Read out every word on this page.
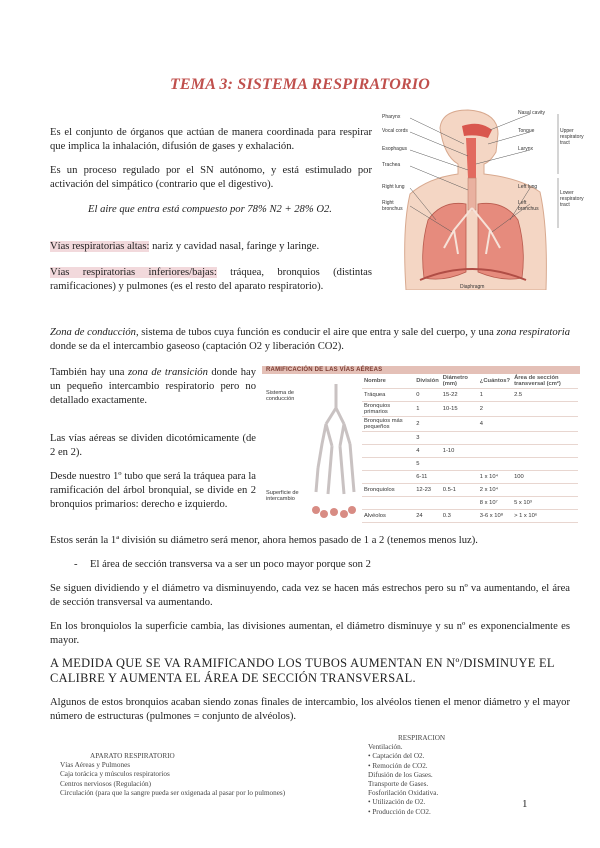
TEMA 3: SISTEMA RESPIRATORIO
Es el conjunto de órganos que actúan de manera coordinada para respirar que implica la inhalación, difusión de gases y exhalación.
Es un proceso regulado por el SN autónomo, y está estimulado por activación del simpático (contrario que el digestivo).
El aire que entra está compuesto por 78% N2 + 28% O2.
Vías respiratorias altas: nariz y cavidad nasal, faringe y laringe.
Vías respiratorias inferiores/bajas: tráquea, bronquios (distintas ramificaciones) y pulmones (es el resto del aparato respiratorio).
Pharynx
Vocal cords
Esophagus
Trachea
Right lung
Right
bronchus
Nasal cavity
Tongue
Larynx
Left lung
Left
bronchus
Upper
respiratory
tract
Lower
respiratory
tract
Diaphragm
Zona de conducción, sistema de tubos cuya función es conducir el aire que entra y sale del cuerpo, y una zona respiratoria donde se da el intercambio gaseoso (captación O2 y liberación CO2).
También hay una zona de transición donde hay un pequeño intercambio respiratorio pero no detallado exactamente.
Las vías aéreas se dividen dicotómicamente (de 2 en 2).
Desde nuestro 1º tubo que será la tráquea para la ramificación del árbol bronquial, se divide en 2 bronquios primarios: derecho e izquierdo.
RAMIFICACIÓN DE LAS VÍAS AÉREAS
Sistema de conducción
Superficie de intercambio
Nombre	División	Diámetro (mm)	¿Cuántos?	Área de sección transversal (cm²)
Tráquea	0	15-22	1	2.5
Bronquios primarios	1	10-15	2	
Bronquios más pequeños	2		4	
	3			
	4	1-10		
	5			
	6-11		1 x 10⁴	100
Bronquiolos	12-23	0.5-1	2 x 10⁴	
			8 x 10⁷	5 x 10³
Alvéolos	24	0.3	3-6 x 10⁸	> 1 x 10⁶
Estos serán la 1ª división su diámetro será menor, ahora hemos pasado de 1 a 2 (tenemos menos luz).
- El área de sección transversa va a ser un poco mayor porque son 2
Se siguen dividiendo y el diámetro va disminuyendo, cada vez se hacen más estrechos pero su nº va aumentando, el área de sección transversal va aumentando.
En los bronquiolos la superficie cambia, las divisiones aumentan, el diámetro disminuye y su nº es exponencialmente es mayor.
A MEDIDA QUE SE VA RAMIFICANDO LOS TUBOS AUMENTAN EN Nº/DISMINUYE EL CALIBRE Y AUMENTA EL ÁREA DE SECCIÓN TRANSVERSAL.
Algunos de estos bronquios acaban siendo zonas finales de intercambio, los alvéolos tienen el menor diámetro y el mayor número de estructuras (pulmones = conjunto de alvéolos).
APARATO RESPIRATORIO
Vías Aéreas y Pulmones
Caja torácica y músculos respiratorios
Centros nerviosos (Regulación)
Circulación (para que la sangre pueda ser oxigenada al pasar por lo pulmones)
RESPIRACION
Ventilación.
• Captación del O2.
• Remoción de CO2.
Difusión de los Gases.
Transporte de Gases.
Fosforilación Oxidativa.
• Utilización de O2.
• Producción de CO2.
1
